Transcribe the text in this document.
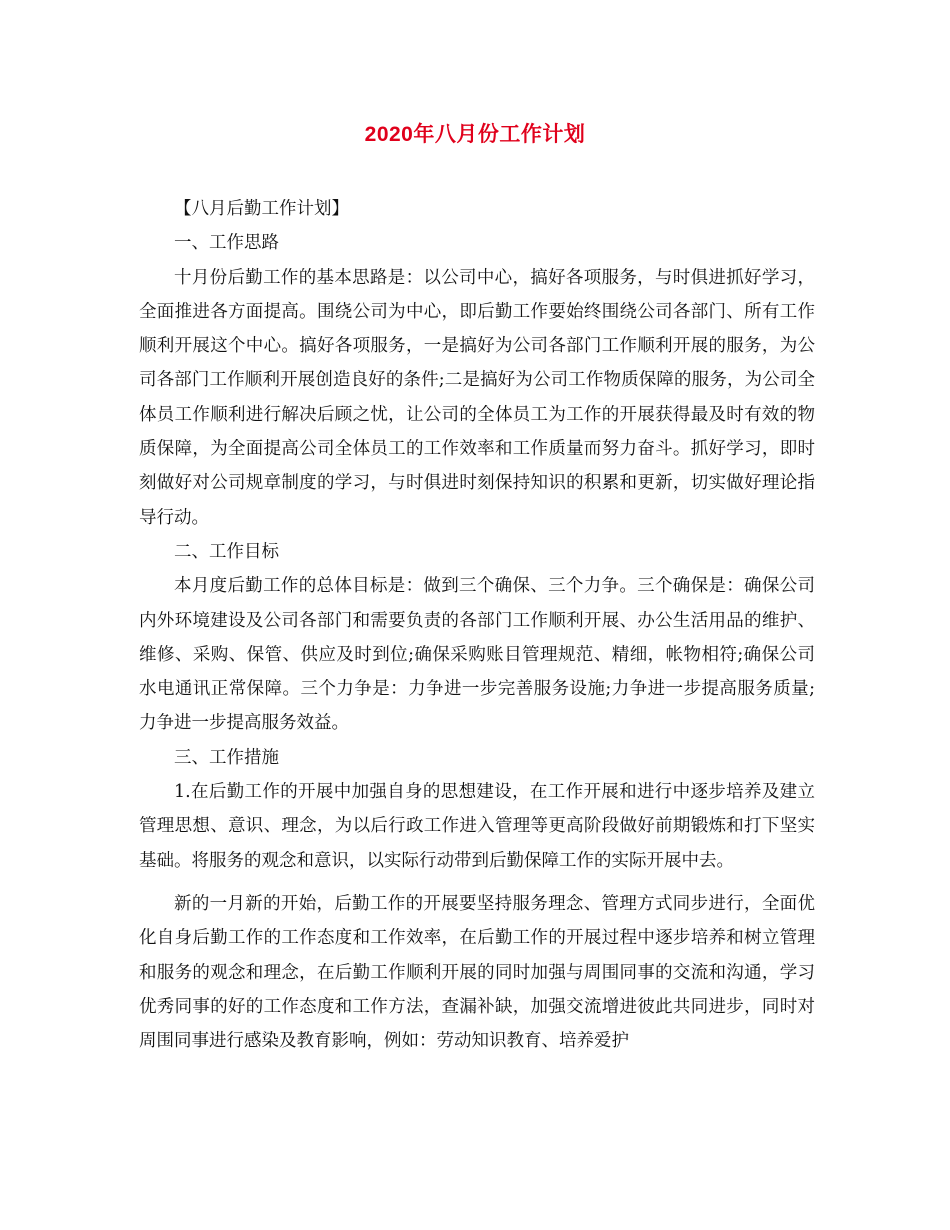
2020年八月份工作计划

【八月后勤工作计划】

一、工作思路

十月份后勤工作的基本思路是：以公司中心，搞好各项服务，与时俱进抓好学习，全面推进各方面提高。围绕公司为中心，即后勤工作要始终围绕公司各部门、所有工作顺利开展这个中心。搞好各项服务，一是搞好为公司各部门工作顺利开展的服务，为公司各部门工作顺利开展创造良好的条件;二是搞好为公司工作物质保障的服务，为公司全体员工作顺利进行解决后顾之忧，让公司的全体员工为工作的开展获得最及时有效的物质保障，为全面提高公司全体员工的工作效率和工作质量而努力奋斗。抓好学习，即时刻做好对公司规章制度的学习，与时俱进时刻保持知识的积累和更新，切实做好理论指导行动。

二、工作目标

本月度后勤工作的总体目标是：做到三个确保、三个力争。三个确保是：确保公司内外环境建设及公司各部门和需要负责的各部门工作顺利开展、办公生活用品的维护、维修、采购、保管、供应及时到位;确保采购账目管理规范、精细，帐物相符;确保公司水电通讯正常保障。三个力争是：力争进一步完善服务设施;力争进一步提高服务质量;力争进一步提高服务效益。

三、工作措施

1.在后勤工作的开展中加强自身的思想建设，在工作开展和进行中逐步培养及建立管理思想、意识、理念，为以后行政工作进入管理等更高阶段做好前期锻炼和打下坚实基础。将服务的观念和意识，以实际行动带到后勤保障工作的实际开展中去。

新的一月新的开始，后勤工作的开展要坚持服务理念、管理方式同步进行，全面优化自身后勤工作的工作态度和工作效率，在后勤工作的开展过程中逐步培养和树立管理和服务的观念和理念，在后勤工作顺利开展的同时加强与周围同事的交流和沟通，学习优秀同事的好的工作态度和工作方法，查漏补缺，加强交流增进彼此共同进步，同时对周围同事进行感染及教育影响，例如：劳动知识教育、培养爱护
